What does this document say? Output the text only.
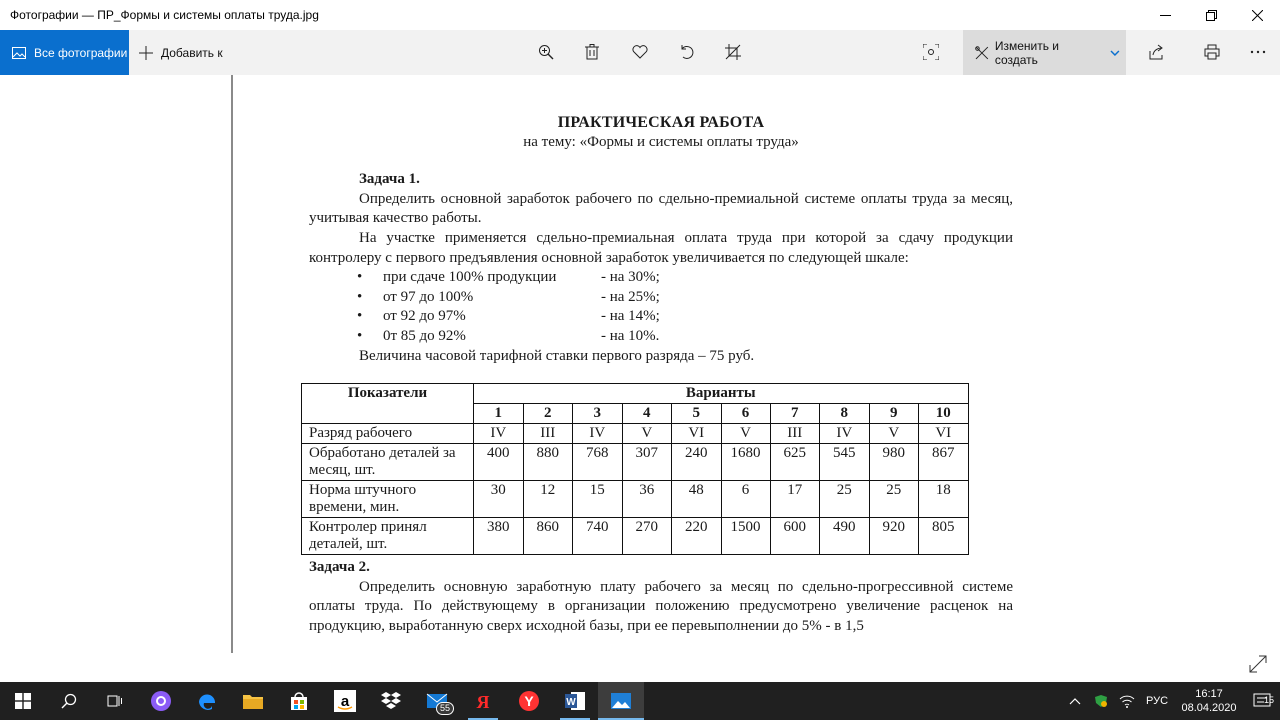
Фотографии — ПР_Формы и системы оплаты труда.jpg
Все фотографии	Добавить к	Изменить и создать
ПРАКТИЧЕСКАЯ РАБОТА
на тему: «Формы и системы оплаты труда»
Задача 1.

Определить основной заработок рабочего по сдельно-премиальной системе оплаты труда за месяц, учитывая качество работы.

На участке применяется сдельно-премиальная оплата труда при которой за сдачу продукции контролеру с первого предъявления основной заработок увеличивается по следующей шкале:

•	при сдаче 100% продукции	- на 30%;
•	от 97 до 100%	- на 25%;
•	от 92 до 97%	- на 14%;
•	0т 85 до 92%	- на 10%.

Величина часовой тарифной ставки первого разряда – 75 руб.

Задача 2.

Определить основную заработную плату рабочего за месяц по сдельно-прогрессивной системе оплаты труда. По действующему в организации положению предусмотрено увеличение расценок на продукцию, выработанную сверх исходной базы, при ее перевыполнении до 5% - в 1,5

Показатели	Варианты									
	1	2	3	4	5	6	7	8	9	10
Разряд рабочего	IV	III	IV	V	VI	V	III	IV	V	VI
Обработано деталей за месяц, шт.	400	880	768	307	240	1680	625	545	980	867
Норма штучного времени, мин.	30	12	15	36	48	6	17	25	25	18
Контролер принял деталей, шт.	380	860	740	270	220	1500	600	490	920	805
a	55 Я Y	W	РУС
16:17
08.04.2020
15
